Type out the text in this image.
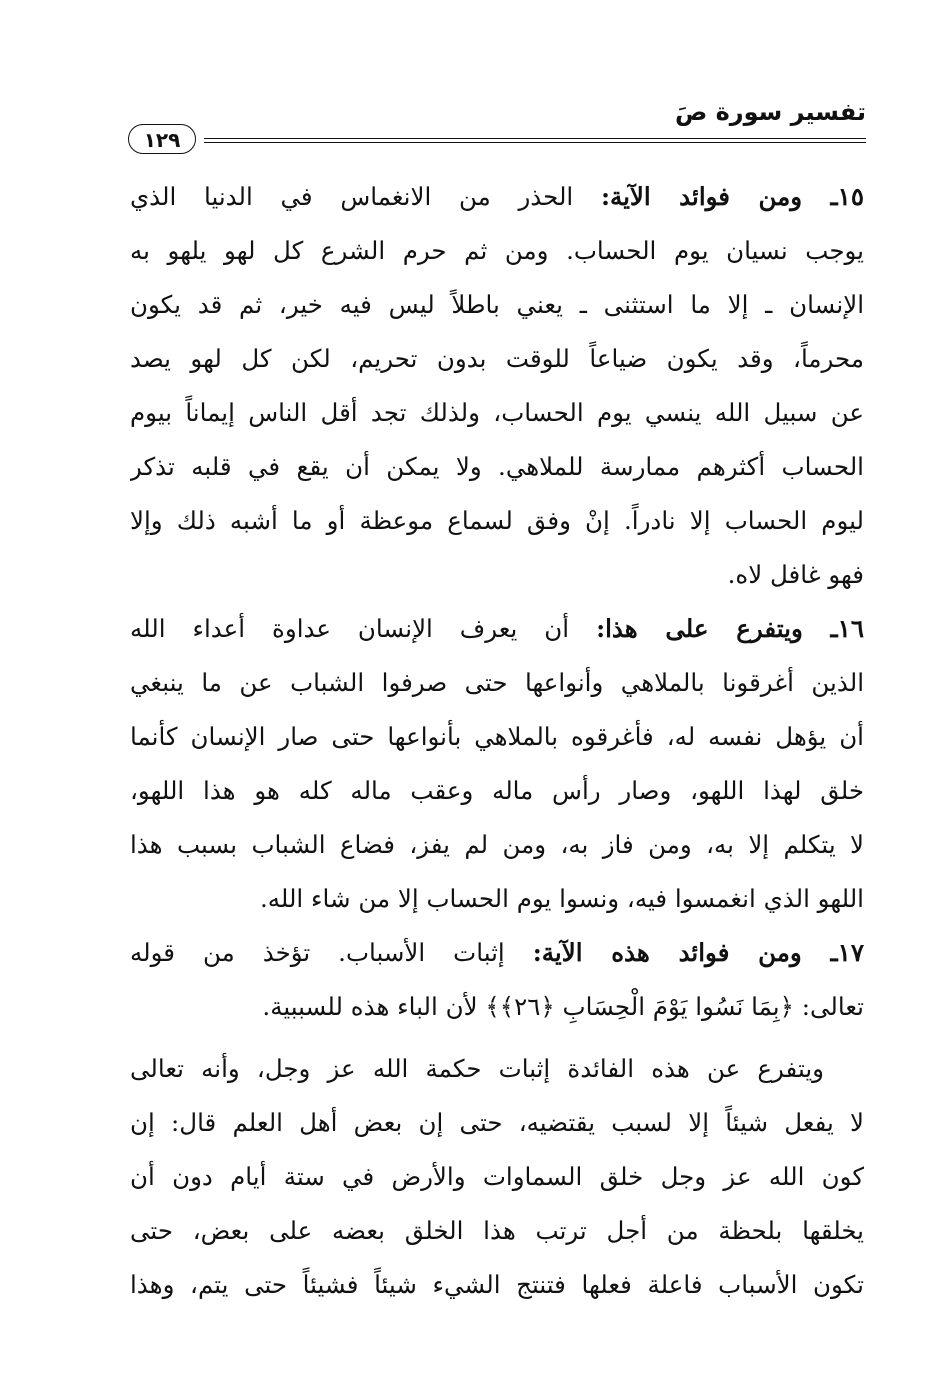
تفسير سورة صَ
١٢٩
١٥ـ ومن فوائد الآية: الحذر من الانغماس في الدنيا الذي
يوجب نسيان يوم الحساب. ومن ثم حرم الشرع كل لهو يلهو به
الإنسان ـ إلا ما استثنى ـ يعني باطلاً ليس فيه خير، ثم قد يكون
محرماً، وقد يكون ضياعاً للوقت بدون تحريم، لكن كل لهو يصد
عن سبيل الله ينسي يوم الحساب، ولذلك تجد أقل الناس إيماناً بيوم
الحساب أكثرهم ممارسة للملاهي. ولا يمكن أن يقع في قلبه تذكر
ليوم الحساب إلا نادراً. إنْ وفق لسماع موعظة أو ما أشبه ذلك وإلا
فهو غافل لاه.
١٦ـ ويتفرع على هذا: أن يعرف الإنسان عداوة أعداء الله
الذين أغرقونا بالملاهي وأنواعها حتى صرفوا الشباب عن ما ينبغي
أن يؤهل نفسه له، فأغرقوه بالملاهي بأنواعها حتى صار الإنسان كأنما
خلق لهذا اللهو، وصار رأس ماله وعقب ماله كله هو هذا اللهو،
لا يتكلم إلا به، ومن فاز به، ومن لم يفز، فضاع الشباب بسبب هذا
اللهو الذي انغمسوا فيه، ونسوا يوم الحساب إلا من شاء الله.
١٧ـ ومن فوائد هذه الآية: إثبات الأسباب. تؤخذ من قوله
تعالى: ﴿بِمَا نَسُوا يَوْمَ الْحِسَابِ ﴿٢٦﴾﴾ لأن الباء هذه للسببية.
ويتفرع عن هذه الفائدة إثبات حكمة الله عز وجل، وأنه تعالى
لا يفعل شيئاً إلا لسبب يقتضيه، حتى إن بعض أهل العلم قال: إن
كون الله عز وجل خلق السماوات والأرض في ستة أيام دون أن
يخلقها بلحظة من أجل ترتب هذا الخلق بعضه على بعض، حتى
تكون الأسباب فاعلة فعلها فتنتج الشيء شيئاً فشيئاً حتى يتم، وهذا
